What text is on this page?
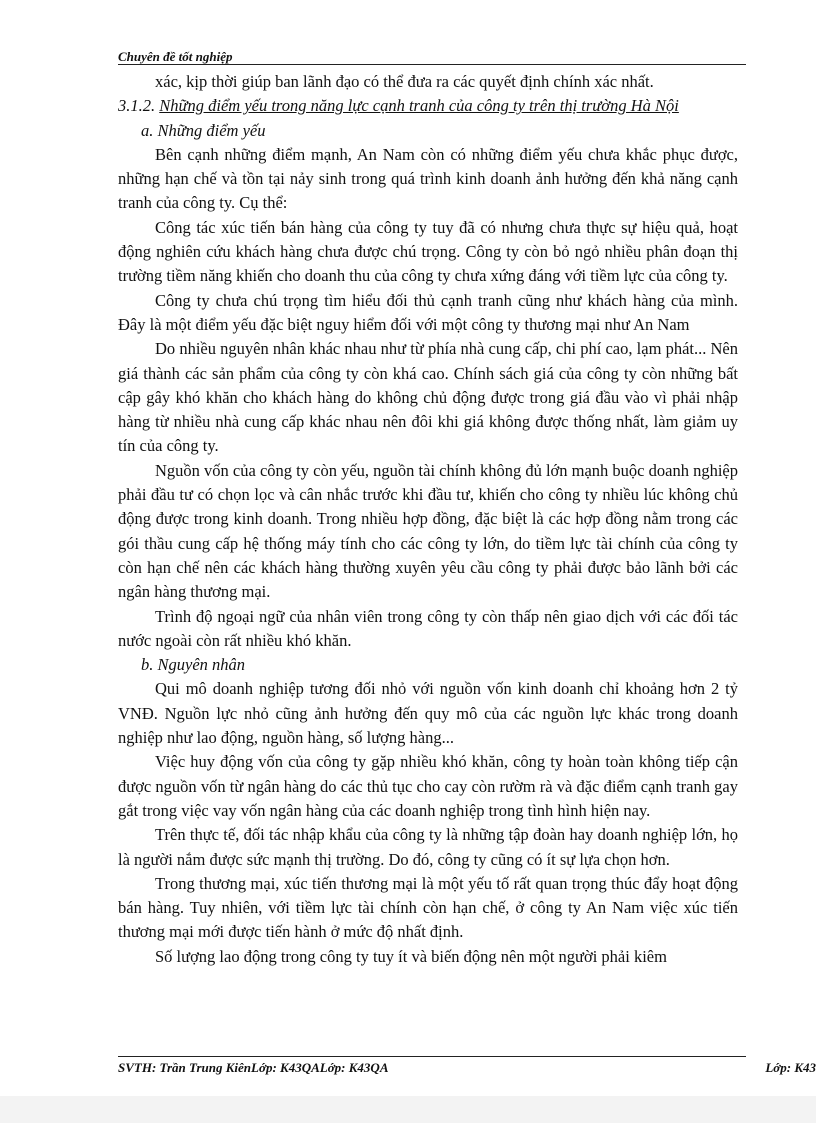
Chuyên đề tốt nghiệp

xác, kịp thời giúp ban lãnh đạo có thể đưa ra các quyết định chính xác nhất.

3.1.2. Những điểm yếu trong năng lực cạnh tranh của công ty trên thị trường Hà Nội

a. Những điểm yếu

Bên cạnh những điểm mạnh, An Nam còn có những điểm yếu chưa khắc phục được, những hạn chế và tồn tại nảy sinh trong quá trình kinh doanh ảnh hưởng đến khả năng cạnh tranh của công ty. Cụ thể:

Công tác xúc tiến bán hàng của công ty tuy đã có nhưng chưa thực sự hiệu quả, hoạt động nghiên cứu khách hàng chưa được chú trọng. Công ty còn bỏ ngỏ nhiều phân đoạn thị trường tiềm năng khiến cho doanh thu của công ty chưa xứng đáng với tiềm lực của công ty.

Công ty chưa chú trọng tìm hiểu đối thủ cạnh tranh cũng như khách hàng của mình. Đây là một điểm yếu đặc biệt nguy hiểm đối với một công ty thương mại như An Nam

Do nhiều nguyên nhân khác nhau như từ phía nhà cung cấp, chi phí cao, lạm phát... Nên giá thành các sản phẩm của công ty còn khá cao. Chính sách giá của công ty còn những bất cập gây khó khăn cho khách hàng do không chủ động được trong giá đầu vào vì phải nhập hàng từ nhiều nhà cung cấp khác nhau nên đôi khi giá không được thống nhất, làm giảm uy tín của công ty.

Nguồn vốn của công ty còn yếu, nguồn tài chính không đủ lớn mạnh buộc doanh nghiệp phải đầu tư có chọn lọc và cân nhắc trước khi đầu tư, khiến cho công ty nhiều lúc không chủ động được trong kinh doanh. Trong nhiều hợp đồng, đặc biệt là các hợp đồng nằm trong các gói thầu cung cấp hệ thống máy tính cho các công ty lớn, do tiềm lực tài chính của công ty còn hạn chế nên các khách hàng thường xuyên yêu cầu công ty phải được bảo lãnh bởi các ngân hàng thương mại.

Trình độ ngoại ngữ của nhân viên trong công ty còn thấp nên giao dịch với các đối tác nước ngoài còn rất nhiều khó khăn.

b. Nguyên nhân

Qui mô doanh nghiệp tương đối nhỏ với nguồn vốn kinh doanh chỉ khoảng hơn 2 tỷ VNĐ. Nguồn lực nhỏ cũng ảnh hưởng đến quy mô của các nguồn lực khác trong doanh nghiệp như lao động, nguồn hàng, số lượng hàng...

Việc huy động vốn của công ty gặp nhiều khó khăn, công ty hoàn toàn không tiếp cận được nguồn vốn từ ngân hàng do các thủ tục cho cay còn rườm rà và đặc điểm cạnh tranh gay gắt trong việc vay vốn ngân hàng của các doanh nghiệp trong tình hình hiện nay.

Trên thực tế, đối tác nhập khẩu của công ty là những tập đoàn hay doanh nghiệp lớn, họ là người nắm được sức mạnh thị trường. Do đó, công ty cũng có ít sự lựa chọn hơn.

Trong thương mại, xúc tiến thương mại là một yếu tố rất quan trọng thúc đẩy hoạt động bán hàng. Tuy nhiên, với tiềm lực tài chính còn hạn chế, ở công ty An Nam việc xúc tiến thương mại mới được tiến hành ở mức độ nhất định.

Số lượng lao động trong công ty tuy ít và biến động nên một người phải kiêm

SVTH: Trần Trung KiênLớp: K43QALớp: K43QA	Lớp: K43
